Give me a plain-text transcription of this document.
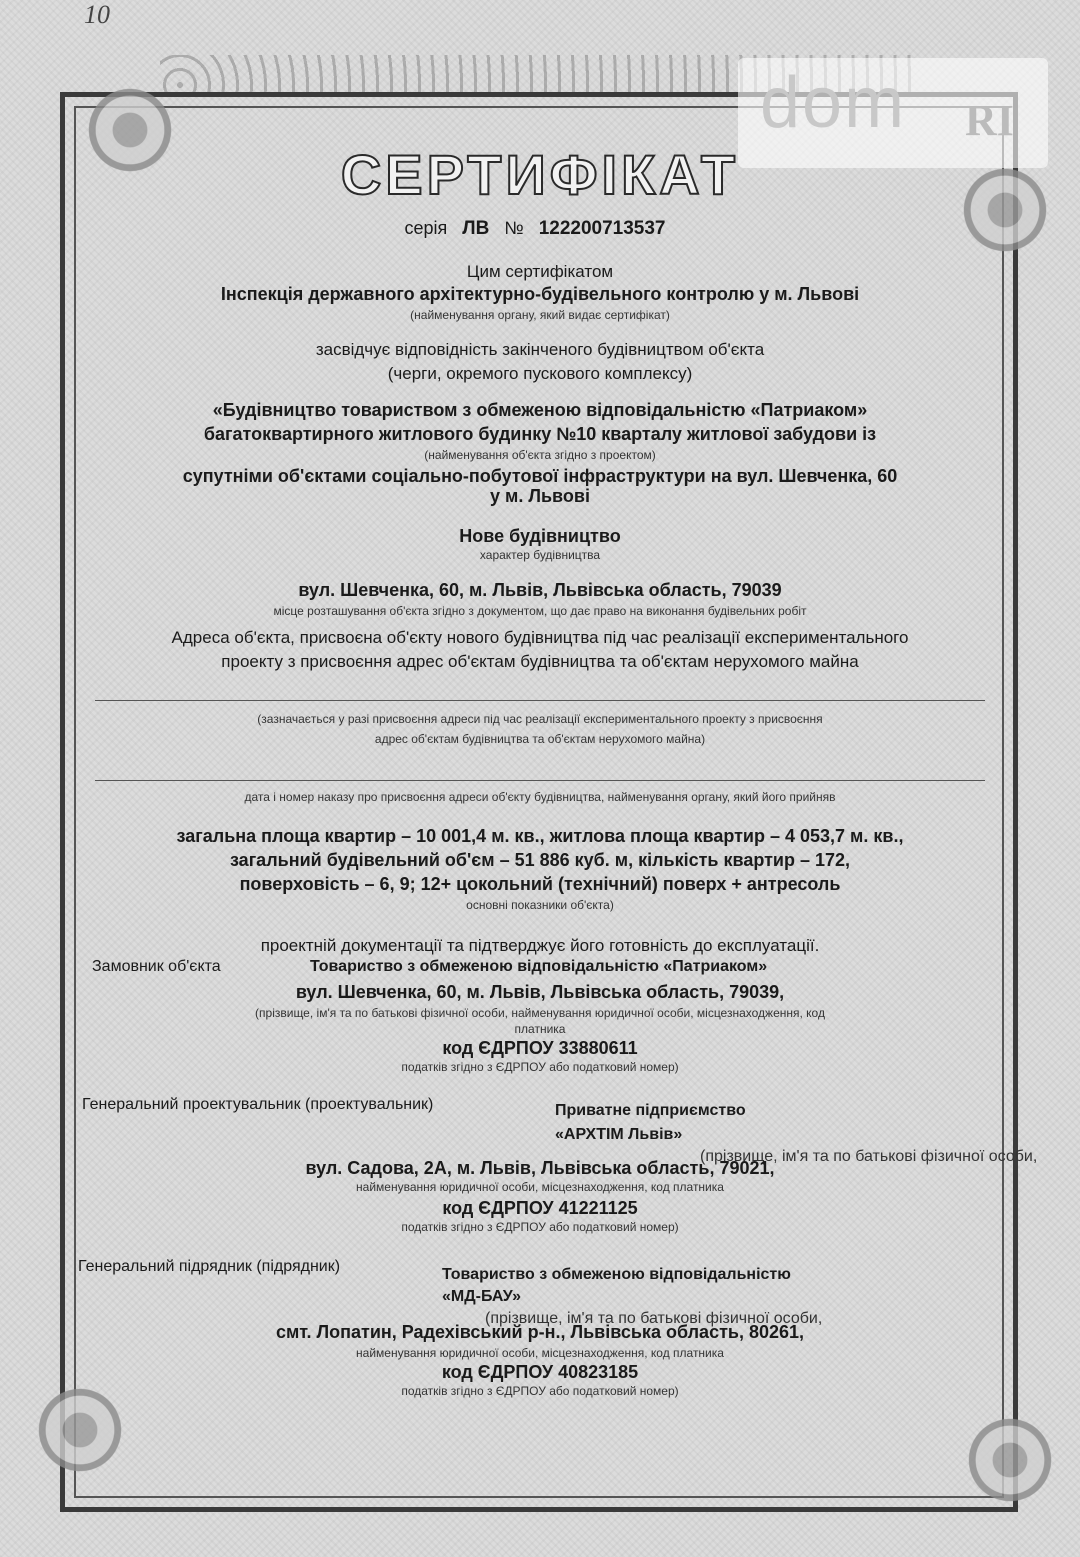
10
dom RI
СЕРТИФІКАТ
серія ЛВ № 122200713537
Цим сертифікатом
Інспекція державного архітектурно-будівельного контролю у м. Львові
(найменування органу, який видає сертифікат)
засвідчує відповідність закінченого будівництвом об'єкта
(черги, окремого пускового комплексу)
«Будівництво товариством з обмеженою відповідальністю «Патриаком»
багатоквартирного житлового будинку №10 кварталу житлової забудови із
(найменування об'єкта згідно з проектом)
супутніми об'єктами соціально-побутової інфраструктури на вул. Шевченка, 60
у м. Львові
Нове будівництво
характер будівництва
вул. Шевченка, 60, м. Львів, Львівська область, 79039
місце розташування об'єкта згідно з документом, що дає право на виконання будівельних робіт
Адреса об'єкта, присвоєна об'єкту нового будівництва під час реалізації експериментального
проекту з присвоєння адрес об'єктам будівництва та об'єктам нерухомого майна
(зазначається у разі присвоєння адреси під час реалізації експериментального проекту з присвоєння
адрес об'єктам будівництва та об'єктам нерухомого майна)
дата і номер наказу про присвоєння адреси об'єкту будівництва, найменування органу, який його прийняв
загальна площа квартир – 10 001,4 м. кв., житлова площа квартир – 4 053,7 м. кв.,
загальний будівельний об'єм – 51 886 куб. м, кількість квартир – 172,
поверховість – 6, 9; 12+ цокольний (технічний) поверх + антресоль
основні показники об'єкта)
проектній документації та підтверджує його готовність до експлуатації.
Замовник об'єкта	Товариство з обмеженою відповідальністю «Патриаком»
вул. Шевченка, 60, м. Львів, Львівська область, 79039,
(прізвище, ім'я та по батькові фізичної особи, найменування юридичної особи, місцезнаходження, код
платника
код ЄДРПОУ 33880611
податків згідно з ЄДРПОУ або податковий номер)
Генеральний проектувальник (проектувальник)	Приватне підприємство
«АРХТІМ Львів»
(прізвище, ім'я та по батькові фізичної особи,
вул. Садова, 2А, м. Львів, Львівська область, 79021,
найменування юридичної особи, місцезнаходження, код платника
код ЄДРПОУ 41221125
податків згідно з ЄДРПОУ або податковий номер)
Генеральний підрядник (підрядник)	Товариство з обмеженою відповідальністю
«МД-БАУ»
(прізвище, ім'я та по батькові фізичної особи,
смт. Лопатин, Радехівський р-н., Львівська область, 80261,
найменування юридичної особи, місцезнаходження, код платника
код ЄДРПОУ 40823185
податків згідно з ЄДРПОУ або податковий номер)
